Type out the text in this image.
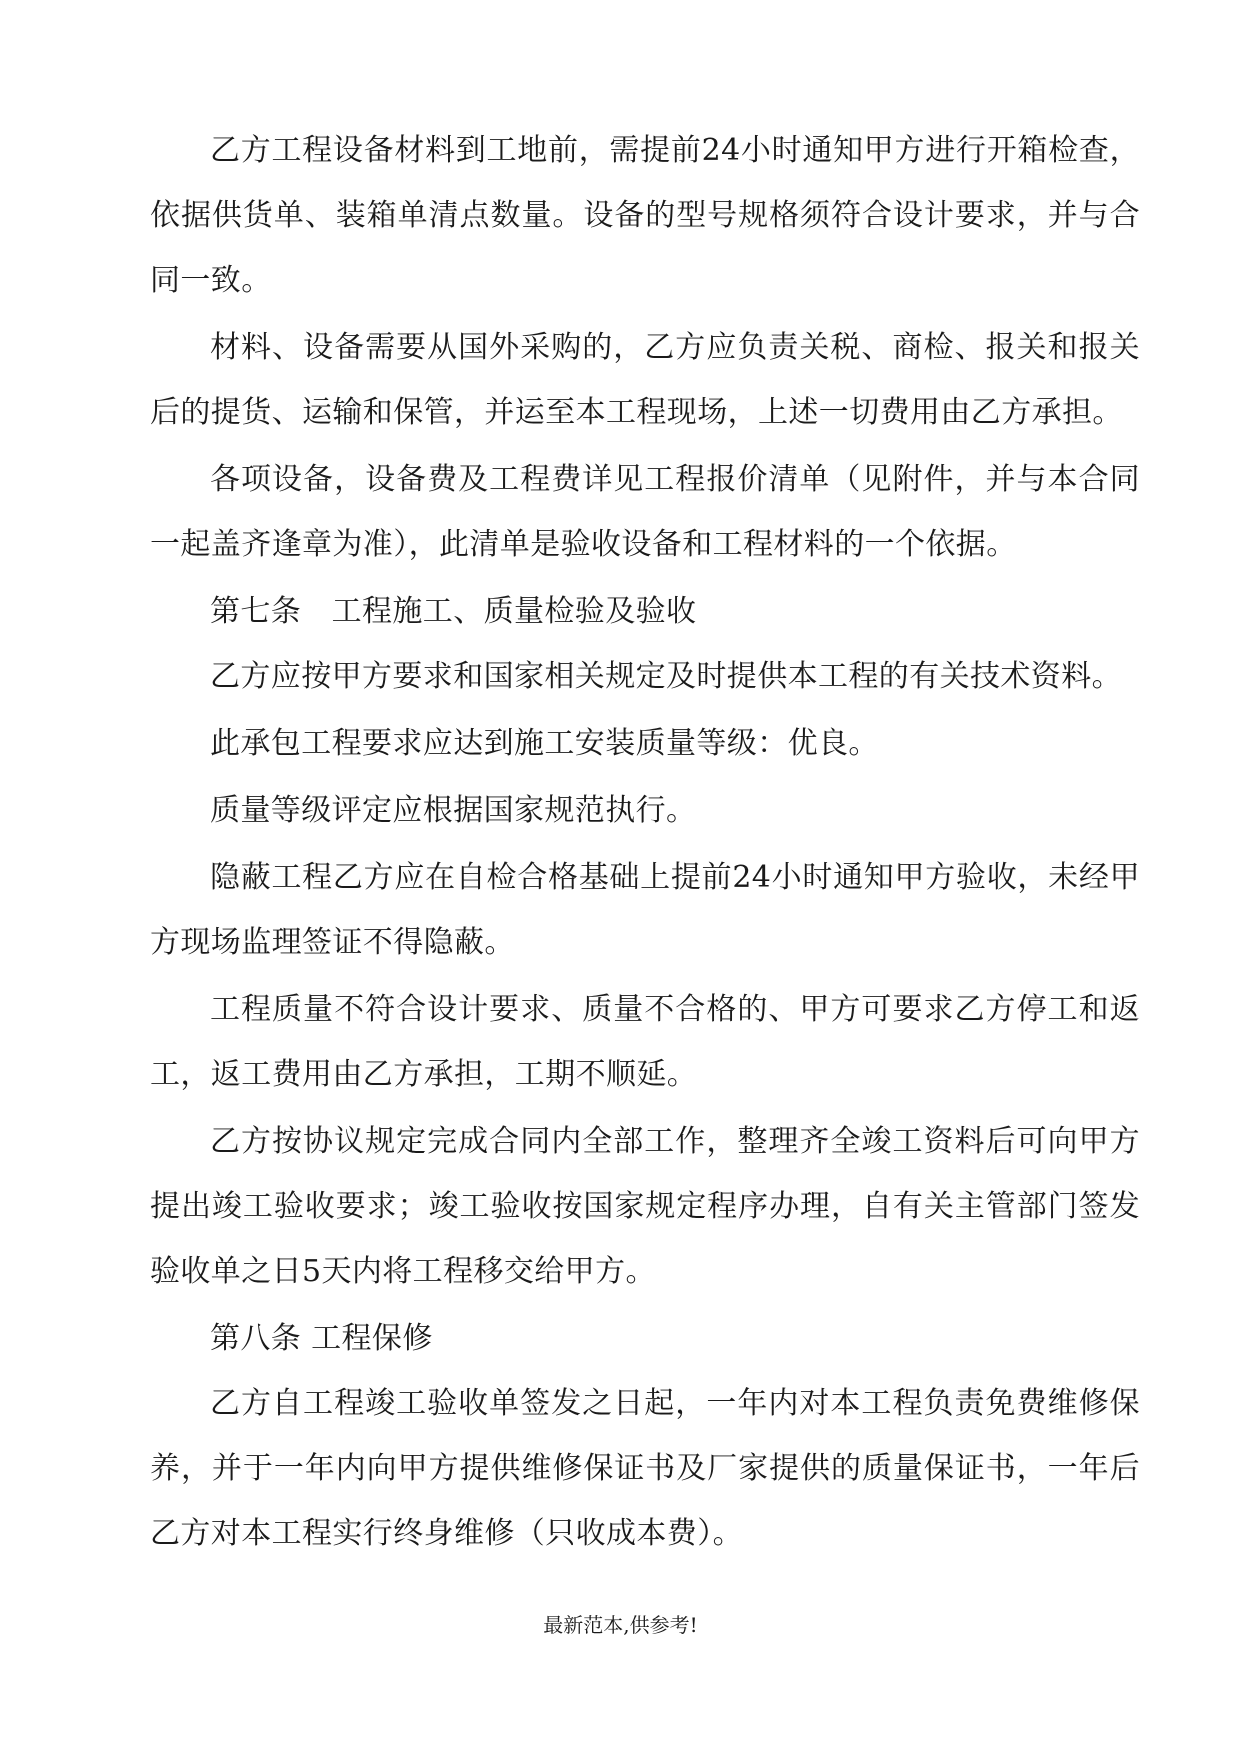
乙方工程设备材料到工地前，需提前24小时通知甲方进行开箱检查，依据供货单、装箱单清点数量。设备的型号规格须符合设计要求，并与合同一致。

材料、设备需要从国外采购的，乙方应负责关税、商检、报关和报关后的提货、运输和保管，并运至本工程现场，上述一切费用由乙方承担。

各项设备，设备费及工程费详见工程报价清单（见附件，并与本合同一起盖齐逢章为准），此清单是验收设备和工程材料的一个依据。

第七条　工程施工、质量检验及验收

乙方应按甲方要求和国家相关规定及时提供本工程的有关技术资料。

此承包工程要求应达到施工安装质量等级：优良。

质量等级评定应根据国家规范执行。

隐蔽工程乙方应在自检合格基础上提前24小时通知甲方验收，未经甲方现场监理签证不得隐蔽。

工程质量不符合设计要求、质量不合格的、甲方可要求乙方停工和返工，返工费用由乙方承担，工期不顺延。

乙方按协议规定完成合同内全部工作，整理齐全竣工资料后可向甲方提出竣工验收要求；竣工验收按国家规定程序办理，自有关主管部门签发验收单之日5天内将工程移交给甲方。

第八条 工程保修

乙方自工程竣工验收单签发之日起，一年内对本工程负责免费维修保养，并于一年内向甲方提供维修保证书及厂家提供的质量保证书，一年后乙方对本工程实行终身维修（只收成本费）。

最新范本,供参考!
